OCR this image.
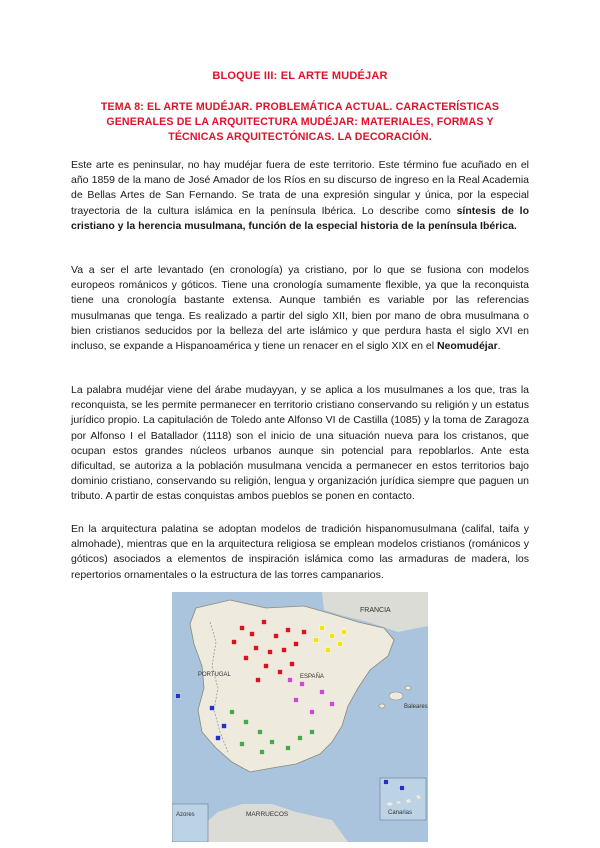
BLOQUE III: EL ARTE MUDÉJAR
TEMA 8: EL ARTE MUDÉJAR. PROBLEMÁTICA ACTUAL. CARACTERÍSTICAS
GENERALES DE LA ARQUITECTURA MUDÉJAR: MATERIALES, FORMAS Y
TÉCNICAS ARQUITECTÓNICAS. LA DECORACIÓN.
Este arte es peninsular, no hay mudéjar fuera de este territorio. Este término fue acuñado en el año 1859 de la mano de José Amador de los Ríos en su discurso de ingreso en la Real Academia de Bellas Artes de San Fernando. Se trata de una expresión singular y única, por la especial trayectoria de la cultura islámica en la península Ibérica. Lo describe como síntesis de lo cristiano y la herencia musulmana, función de la especial historia de la península Ibérica.
Va a ser el arte levantado (en cronología) ya cristiano, por lo que se fusiona con modelos europeos románicos y góticos. Tiene una cronología sumamente flexible, ya que la reconquista tiene una cronología bastante extensa. Aunque también es variable por las referencias musulmanas que tenga. Es realizado a partir del siglo XII, bien por mano de obra musulmana o bien cristianos seducidos por la belleza del arte islámico y que perdura hasta el siglo XVI en incluso, se expande a Hispanoamérica y tiene un renacer en el siglo XIX en el Neomudéjar.
La palabra mudéjar viene del árabe mudayyan, y se aplica a los musulmanes a los que, tras la reconquista, se les permite permanecer en territorio cristiano conservando su religión y un estatus jurídico propio. La capitulación de Toledo ante Alfonso VI de Castilla (1085) y la toma de Zaragoza por Alfonso I el Batallador (1118) son el inicio de una situación nueva para los cristanos, que ocupan estos grandes núcleos urbanos aunque sin potencial para repoblarlos. Ante esta dificultad, se autoriza a la población musulmana vencida a permanecer en estos territorios bajo dominio cristiano, conservando su religión, lengua y organización jurídica siempre que paguen un tributo. A partir de estas conquistas ambos pueblos se ponen en contacto.
En la arquitectura palatina se adoptan modelos de tradición hispanomusulmana (califal, taifa y almohade), mientras que en la arquitectura religiosa se emplean modelos cristianos (románicos y góticos) asociados a elementos de inspiración islámica como las armaduras de madera, los repertorios ornamentales o la estructura de las torres campanarios.
FRANCIA
PORTUGAL	ESPAÑA
Baleares
Canarias
MARRUECOS
Azores
